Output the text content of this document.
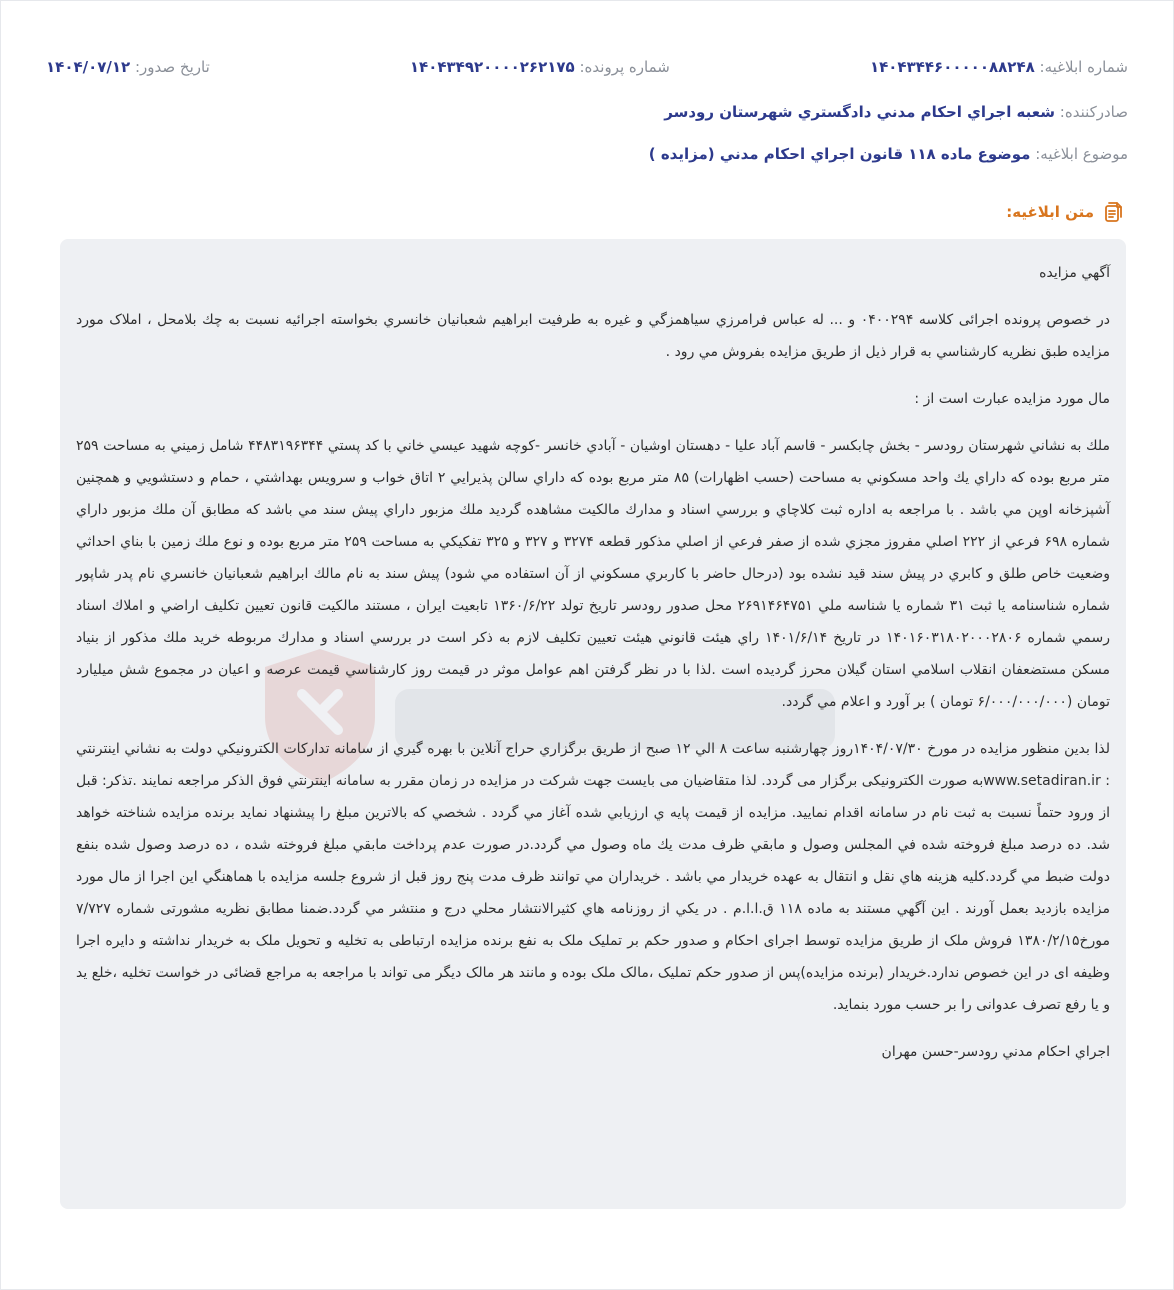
شماره ابلاغيه: ۱۴۰۴۳۴۴۶۰۰۰۰۰۸۸۲۴۸
شماره پرونده: ۱۴۰۴۳۴۹۲۰۰۰۰۲۶۲۱۷۵
تاريخ صدور: ۱۴۰۴/۰۷/۱۲
صادرکننده: شعبه اجراي احکام مدني دادگستري شهرستان رودسر
موضوع ابلاغيه: موضوع ماده ۱۱۸ قانون اجراي احکام مدني (مزايده )
متن ابلاغيه:

آگهي مزايده

در خصوص پرونده اجرائی کلاسه ۰۴۰۰۲۹۴ و ... له عباس فرامرزي سياهمزگي و غيره به طرفيت ابراهيم شعبانيان خانسري بخواسته اجرائيه نسبت به چك بلامحل ، املاک مورد مزايده طبق نظريه کارشناسي به قرار ذيل از طريق مزايده بفروش مي رود .

مال مورد مزايده عبارت است از :

ملك به نشاني شهرستان رودسر - بخش چابكسر - قاسم آباد عليا - دهستان اوشيان - آبادي خانسر -كوچه شهيد عيسي خاني با کد پستي ۴۴۸۳۱۹۶۳۴۴ شامل زميني به مساحت ۲۵۹ متر مربع بوده که داراي يك واحد مسكوني به مساحت (حسب اظهارات) ۸۵ متر مربع بوده كه داراي سالن پذيرايي ۲ اتاق خواب و سرويس بهداشتي ، حمام و دستشويي و همچنين آشپزخانه اوپن مي باشد . با مراجعه به اداره ثبت کلاچاي و بررسي اسناد و مدارك مالكيت مشاهده گرديد ملك مزبور داراي پيش سند مي باشد كه مطابق آن ملك مزبور داراي شماره ۶۹۸ فرعي از ۲۲۲ اصلي مفروز مجزي شده از صفر فرعي از اصلي مذكور قطعه ۳۲۷۴ و ۳۲۷ و ۳۲۵ تفكيكي به مساحت ۲۵۹ متر مربع بوده و نوع ملك زمين با بناي احداثي وضعيت خاص طلق و كابري در پيش سند قيد نشده بود (درحال حاضر با كاربري مسكوني از آن استفاده مي شود) پيش سند به نام مالك ابراهيم شعبانيان خانسري نام پدر شاپور شماره شناسنامه يا ثبت ۳۱ شماره يا شناسه ملي ۲۶۹۱۴۶۴۷۵۱ محل صدور رودسر تاريخ تولد ۱۳۶۰/۶/۲۲ تابعيت ايران ، مستند مالكيت قانون تعيين تكليف اراضي و املاك اسناد رسمي شماره ۱۴۰۱۶۰۳۱۸۰۲۰۰۰۲۸۰۶ در تاريخ ۱۴۰۱/۶/۱۴ راي هيئت قانوني هيئت تعيين تكليف لازم به ذكر است در بررسي اسناد و مدارك مربوطه خريد ملك مذكور از بنياد مسكن مستضعفان انقلاب اسلامي استان گيلان محرز گرديده است .لذا با در نظر گرفتن اهم عوامل موثر در قيمت روز كارشناسي قيمت عرصه و اعيان در مجموع شش ميليارد تومان (۶/۰۰۰/۰۰۰/۰۰۰ تومان ) بر آورد و اعلام مي گردد.

لذا بدين منظور مزايده در مورخ ۱۴۰۴/۰۷/۳۰روز چهارشنبه ساعت ۸ الي ۱۲ صبح از طريق برگزاري حراج آنلاين با بهره گيري از سامانه تداركات الكترونيكي دولت به نشاني اينترنتي : www.setadiran.irبه صورت الکترونیکی برگزار می گردد. لذا متقاضيان می بايست جهت شركت در مزايده در زمان مقرر به سامانه اينترنتي فوق الذكر مراجعه نمايند .تذکر: قبل از ورود حتماً نسبت به ثبت نام در سامانه اقدام نمایید. مزايده از قيمت پايه ي ارزيابي شده آغاز مي گردد . شخصي كه بالاترين مبلغ را پيشنهاد نمايد برنده مزايده شناخته خواهد شد. ده درصد مبلغ فروخته شده في المجلس وصول و مابقي ظرف مدت يك ماه وصول مي گردد.در صورت عدم پرداخت مابقي مبلغ فروخته شده ، ده درصد وصول شده بنفع دولت ضبط مي گردد.كليه هزينه هاي نقل و انتقال به عهده خريدار مي باشد . خريداران مي توانند ظرف مدت پنج روز قبل از شروع جلسه مزايده با هماهنگي اين اجرا از مال مورد مزايده بازديد بعمل آورند . اين آگهي مستند به ماده ۱۱۸ ق.ا.ا.م . در يكي از روزنامه هاي كثيرالانتشار محلي درج و منتشر مي گردد.ضمنا مطابق نظريه مشورتی شماره ۷/۷۲۷ مورخ۱۳۸۰/۲/۱۵ فروش ملک از طريق مزايده توسط اجرای احکام و صدور حکم بر تمليک ملک به نفع برنده مزايده ارتباطی به تخليه و تحويل ملک به خريدار نداشته و دايره اجرا وظيفه ای در اين خصوص ندارد.خريدار (برنده مزايده)پس از صدور حکم تمليک ،مالک ملک بوده و مانند هر مالک ديگر می تواند با مراجعه به مراجع قضائی در خواست تخليه ،خلع يد و يا رفع تصرف عدوانی را بر حسب مورد بنمايد.

اجراي احكام مدني رودسر-حسن مهران
